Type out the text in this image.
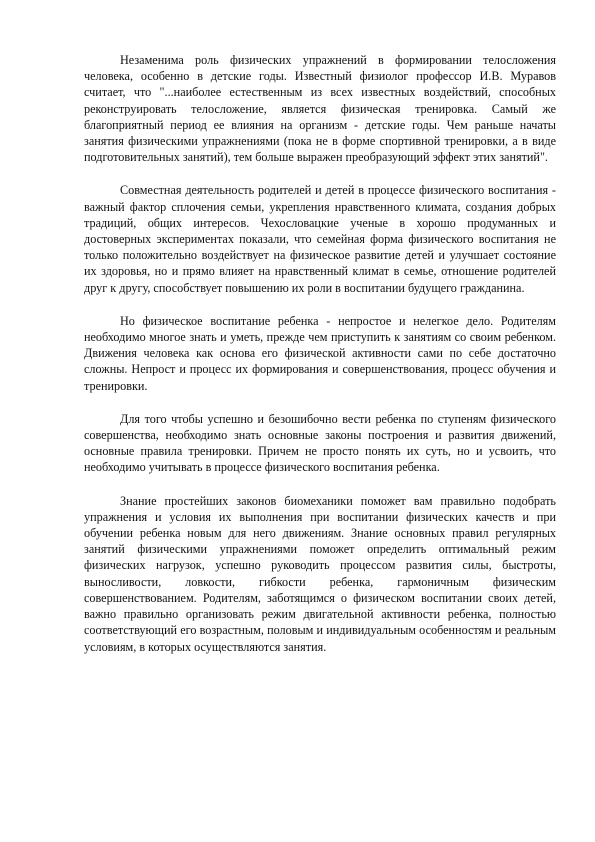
Незаменима роль физических упражнений в формировании телосложения человека, особенно в детские годы. Известный физиолог профессор И.В. Муравов считает, что "...наиболее естественным из всех известных воздействий, способных реконструировать телосложение, является физическая тренировка. Самый же благоприятный период ее влияния на организм - детские годы. Чем раньше начаты занятия физическими упражнениями (пока не в форме спортивной тренировки, а в виде подготовительных занятий), тем больше выражен преобразующий эффект этих занятий".

Совместная деятельность родителей и детей в процессе физического воспитания - важный фактор сплочения семьи, укрепления нравственного климата, создания добрых традиций, общих интересов. Чехословацкие ученые в хорошо продуманных и достоверных экспериментах показали, что семейная форма физического воспитания не только положительно воздействует на физическое развитие детей и улучшает состояние их здоровья, но и прямо влияет на нравственный климат в семье, отношение родителей друг к другу, способствует повышению их роли в воспитании будущего гражданина.

Но физическое воспитание ребенка - непростое и нелегкое дело. Родителям необходимо многое знать и уметь, прежде чем приступить к занятиям со своим ребенком. Движения человека как основа его физической активности сами по себе достаточно сложны. Непрост и процесс их формирования и совершенствования, процесс обучения и тренировки.

Для того чтобы успешно и безошибочно вести ребенка по ступеням физического совершенства, необходимо знать основные законы построения и развития движений, основные правила тренировки. Причем не просто понять их суть, но и усвоить, что необходимо учитывать в процессе физического воспитания ребенка.

Знание простейших законов биомеханики поможет вам правильно подобрать упражнения и условия их выполнения при воспитании физических качеств и при обучении ребенка новым для него движениям. Знание основных правил регулярных занятий физическими упражнениями поможет определить оптимальный режим физических нагрузок, успешно руководить процессом развития силы, быстроты, выносливости, ловкости, гибкости ребенка, гармоничным физическим совершенствованием. Родителям, заботящимся о физическом воспитании своих детей, важно правильно организовать режим двигательной активности ребенка, полностью соответствующий его возрастным, половым и индивидуальным особенностям и реальным условиям, в которых осуществляются занятия.
